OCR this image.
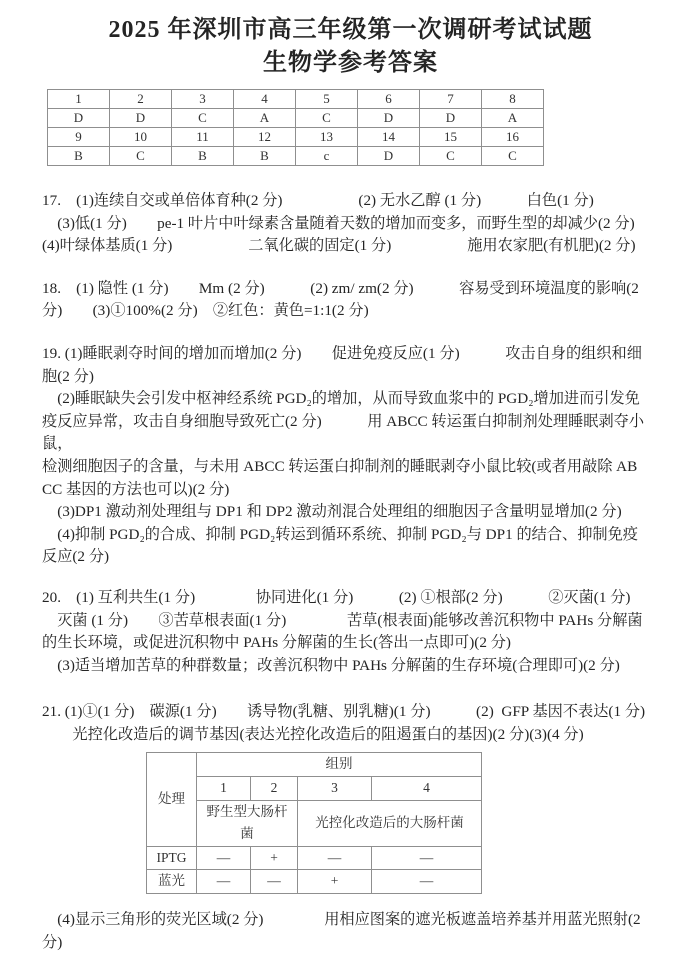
2025 年深圳市高三年级第一次调研考试试题
生物学参考答案
1	2	3	4	5	6	7	8
D	D	C	A	C	D	D	A
9	10	11	12	13	14	15	16
B	C	B	B	c	D	C	C
17.　(1)连续自交或单倍体育种(2 分)　　　　　(2) 无水乙醇 (1 分)　　　白色(1 分)
　(3)低(1 分)　　pe-1 叶片中叶绿素含量随着天数的增加而变多，而野生型的却减少(2 分)
(4)叶绿体基质(1 分)　　　　　二氧化碳的固定(1 分)　　　　　施用农家肥(有机肥)(2 分)
18.　(1) 隐性 (1 分)　　Mm (2 分)　　　(2) zm/ zm(2 分)　　　容易受到环境温度的影响(2
分)　　(3)①100%(2 分)　②红色：黄色=1:1(2 分)
19. (1)睡眠剥夺时间的增加而增加(2 分)　　促进免疫反应(1 分)　　　攻击自身的组织和细
胞(2 分)
　(2)睡眠缺失会引发中枢神经系统 PGD₂的增加，从而导致血浆中的 PGD₂增加进而引发免
疫反应异常，攻击自身细胞导致死亡(2 分)　　　用 ABCC 转运蛋白抑制剂处理睡眠剥夺小鼠，
检测细胞因子的含量，与未用 ABCC 转运蛋白抑制剂的睡眠剥夺小鼠比较(或者用敲除 AB
CC 基因的方法也可以)(2 分)
　(3)DP1 激动剂处理组与 DP1 和 DP2 激动剂混合处理组的细胞因子含量明显增加(2 分)
　(4)抑制 PGD₂的合成、抑制 PGD₂转运到循环系统、抑制 PGD₂与 DP1 的结合、抑制免疫
反应(2 分)
20.　(1) 互利共生(1 分)　　　　协同进化(1 分)　　　(2) ①根部(2 分)　　　②灭菌(1 分)
　灭菌 (1 分)　　③苦草根表面(1 分)　　　　苦草(根表面)能够改善沉积物中 PAHs 分解菌
的生长环境，或促进沉积物中 PAHs 分解菌的生长(答出一点即可)(2 分)
　(3)适当增加苦草的种群数量；改善沉积物中 PAHs 分解菌的生存环境(合理即可)(2 分)
21. (1)①(1 分)　碳源(1 分)　　诱导物(乳糖、别乳糖)(1 分)　　　(2)  GFP 基因不表达(1 分)
　　光控化改造后的调节基因(表达光控化改造后的阻遏蛋白的基因)(2 分)(3)(4 分)
处理	组别			
	1	2	3	4
	野生型大肠杆菌		光控化改造后的大肠杆菌	
IPTG	—	+	—	—
蓝光	—	—	+	—
　(4)显示三角形的荧光区域(2 分)　　　　用相应图案的遮光板遮盖培养基并用蓝光照射(2 分)
